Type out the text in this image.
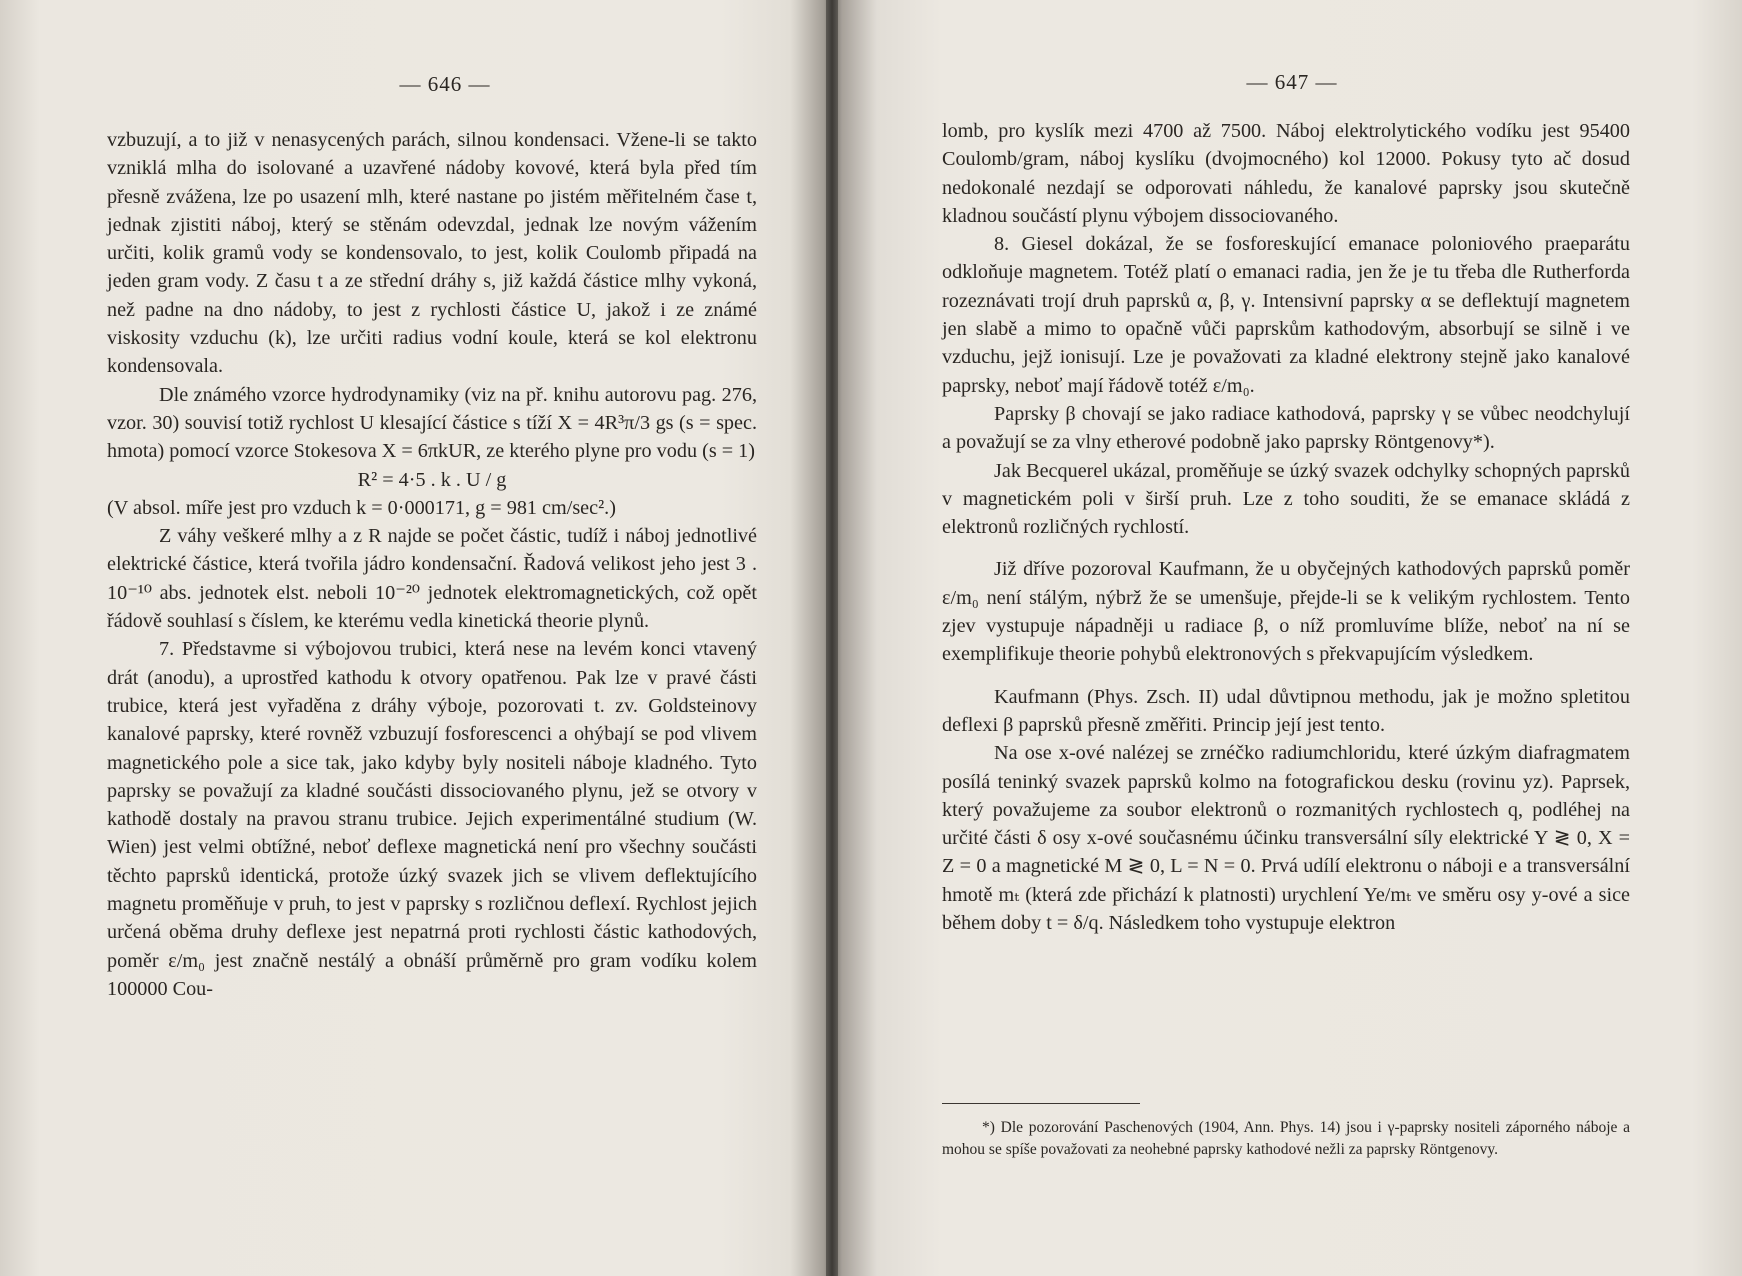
— 646 —

vzbuzují, a to již v nenasycených parách, silnou kondensaci. Vžene-li se takto vzniklá mlha do isolované a uzavřené nádoby kovové, která byla před tím přesně zvážena, lze po usazení mlh, které nastane po jistém měřitelném čase t, jednak zjistiti náboj, který se stěnám odevzdal, jednak lze novým vážením určiti, kolik gramů vody se kondensovalo, to jest, kolik Coulomb připadá na jeden gram vody. Z času t a ze střední dráhy s, již každá částice mlhy vykoná, než padne na dno nádoby, to jest z rychlosti částice U, jakož i ze známé viskosity vzduchu (k), lze určiti radius vodní koule, která se kol elektronu kondensovala.

Dle známého vzorce hydrodynamiky (viz na př. knihu autorovu pag. 276, vzor. 30) souvisí totiž rychlost U klesající částice s tíží X = 4R³π/3 gs (s = spec. hmota) pomocí vzorce Stokesova X = 6πkUR, ze kterého plyne pro vodu (s = 1)

R² = 4·5 . k . U / g

(V absol. míře jest pro vzduch k = 0·000171, g = 981 cm/sec².)

Z váhy veškeré mlhy a z R najde se počet částic, tudíž i náboj jednotlivé elektrické částice, která tvořila jádro kondensační. Řadová velikost jeho jest 3 . 10⁻¹⁰ abs. jednotek elst. neboli 10⁻²⁰ jednotek elektromagnetických, což opět řádově souhlasí s číslem, ke kterému vedla kinetická theorie plynů.

7. Představme si výbojovou trubici, která nese na levém konci vtavený drát (anodu), a uprostřed kathodu k otvory opatřenou. Pak lze v pravé části trubice, která jest vyřaděna z dráhy výboje, pozorovati t. zv. Goldsteinovy kanalové paprsky, které rovněž vzbuzují fosforescenci a ohýbají se pod vlivem magnetického pole a sice tak, jako kdyby byly nositeli náboje kladného. Tyto paprsky se považují za kladné součásti dissociovaného plynu, jež se otvory v kathodě dostaly na pravou stranu trubice. Jejich experimentálné studium (W. Wien) jest velmi obtížné, neboť deflexe magnetická není pro všechny součásti těchto paprsků identická, protože úzký svazek jich se vlivem deflektujícího magnetu proměňuje v pruh, to jest v paprsky s rozličnou deflexí. Rychlost jejich určená oběma druhy deflexe jest nepatrná proti rychlosti částic kathodových, poměr ε/m₀ jest značně nestálý a obnáší průměrně pro gram vodíku kolem 100000 Cou-

— 647 —

lomb, pro kyslík mezi 4700 až 7500. Náboj elektrolytického vodíku jest 95400 Coulomb/gram, náboj kyslíku (dvojmocného) kol 12000. Pokusy tyto ač dosud nedokonalé nezdají se odporovati náhledu, že kanalové paprsky jsou skutečně kladnou součástí plynu výbojem dissociovaného.

8. Giesel dokázal, že se fosforeskující emanace poloniového praeparátu odkloňuje magnetem. Totéž platí o emanaci radia, jen že je tu třeba dle Rutherforda rozeznávati trojí druh paprsků α, β, γ. Intensivní paprsky α se deflektují magnetem jen slabě a mimo to opačně vůči paprskům kathodovým, absorbují se silně i ve vzduchu, jejž ionisují. Lze je považovati za kladné elektrony stejně jako kanalové paprsky, neboť mají řádově totéž ε/m₀.

Paprsky β chovají se jako radiace kathodová, paprsky γ se vůbec neodchylují a považují se za vlny etherové podobně jako paprsky Röntgenovy*).

Jak Becquerel ukázal, proměňuje se úzký svazek odchylky schopných paprsků v magnetickém poli v širší pruh. Lze z toho souditi, že se emanace skládá z elektronů rozličných rychlostí.

Již dříve pozoroval Kaufmann, že u obyčejných kathodových paprsků poměr ε/m₀ není stálým, nýbrž že se umenšuje, přejde-li se k velikým rychlostem. Tento zjev vystupuje nápadněji u radiace β, o níž promluvíme blíže, neboť na ní se exemplifikuje theorie pohybů elektronových s překvapujícím výsledkem.

Kaufmann (Phys. Zsch. II) udal důvtipnou methodu, jak je možno spletitou deflexi β paprsků přesně změřiti. Princip její jest tento.

Na ose x-ové nalézej se zrnéčko radiumchloridu, které úzkým diafragmatem posílá teninký svazek paprsků kolmo na fotografickou desku (rovinu yz). Paprsek, který považujeme za soubor elektronů o rozmanitých rychlostech q, podléhej na určité části δ osy x-ové současnému účinku transversální síly elektrické Y ≷ 0, X = Z = 0 a magnetické M ≷ 0, L = N = 0. Prvá udílí elektronu o náboji e a transversální hmotě mₜ (která zde přichází k platnosti) urychlení Ye/mₜ ve směru osy y-ové a sice během doby t = δ/q. Následkem toho vystupuje elektron

*) Dle pozorování Paschenových (1904, Ann. Phys. 14) jsou i γ-paprsky nositeli záporného náboje a mohou se spíše považovati za neohebné paprsky kathodové nežli za paprsky Röntgenovy.
